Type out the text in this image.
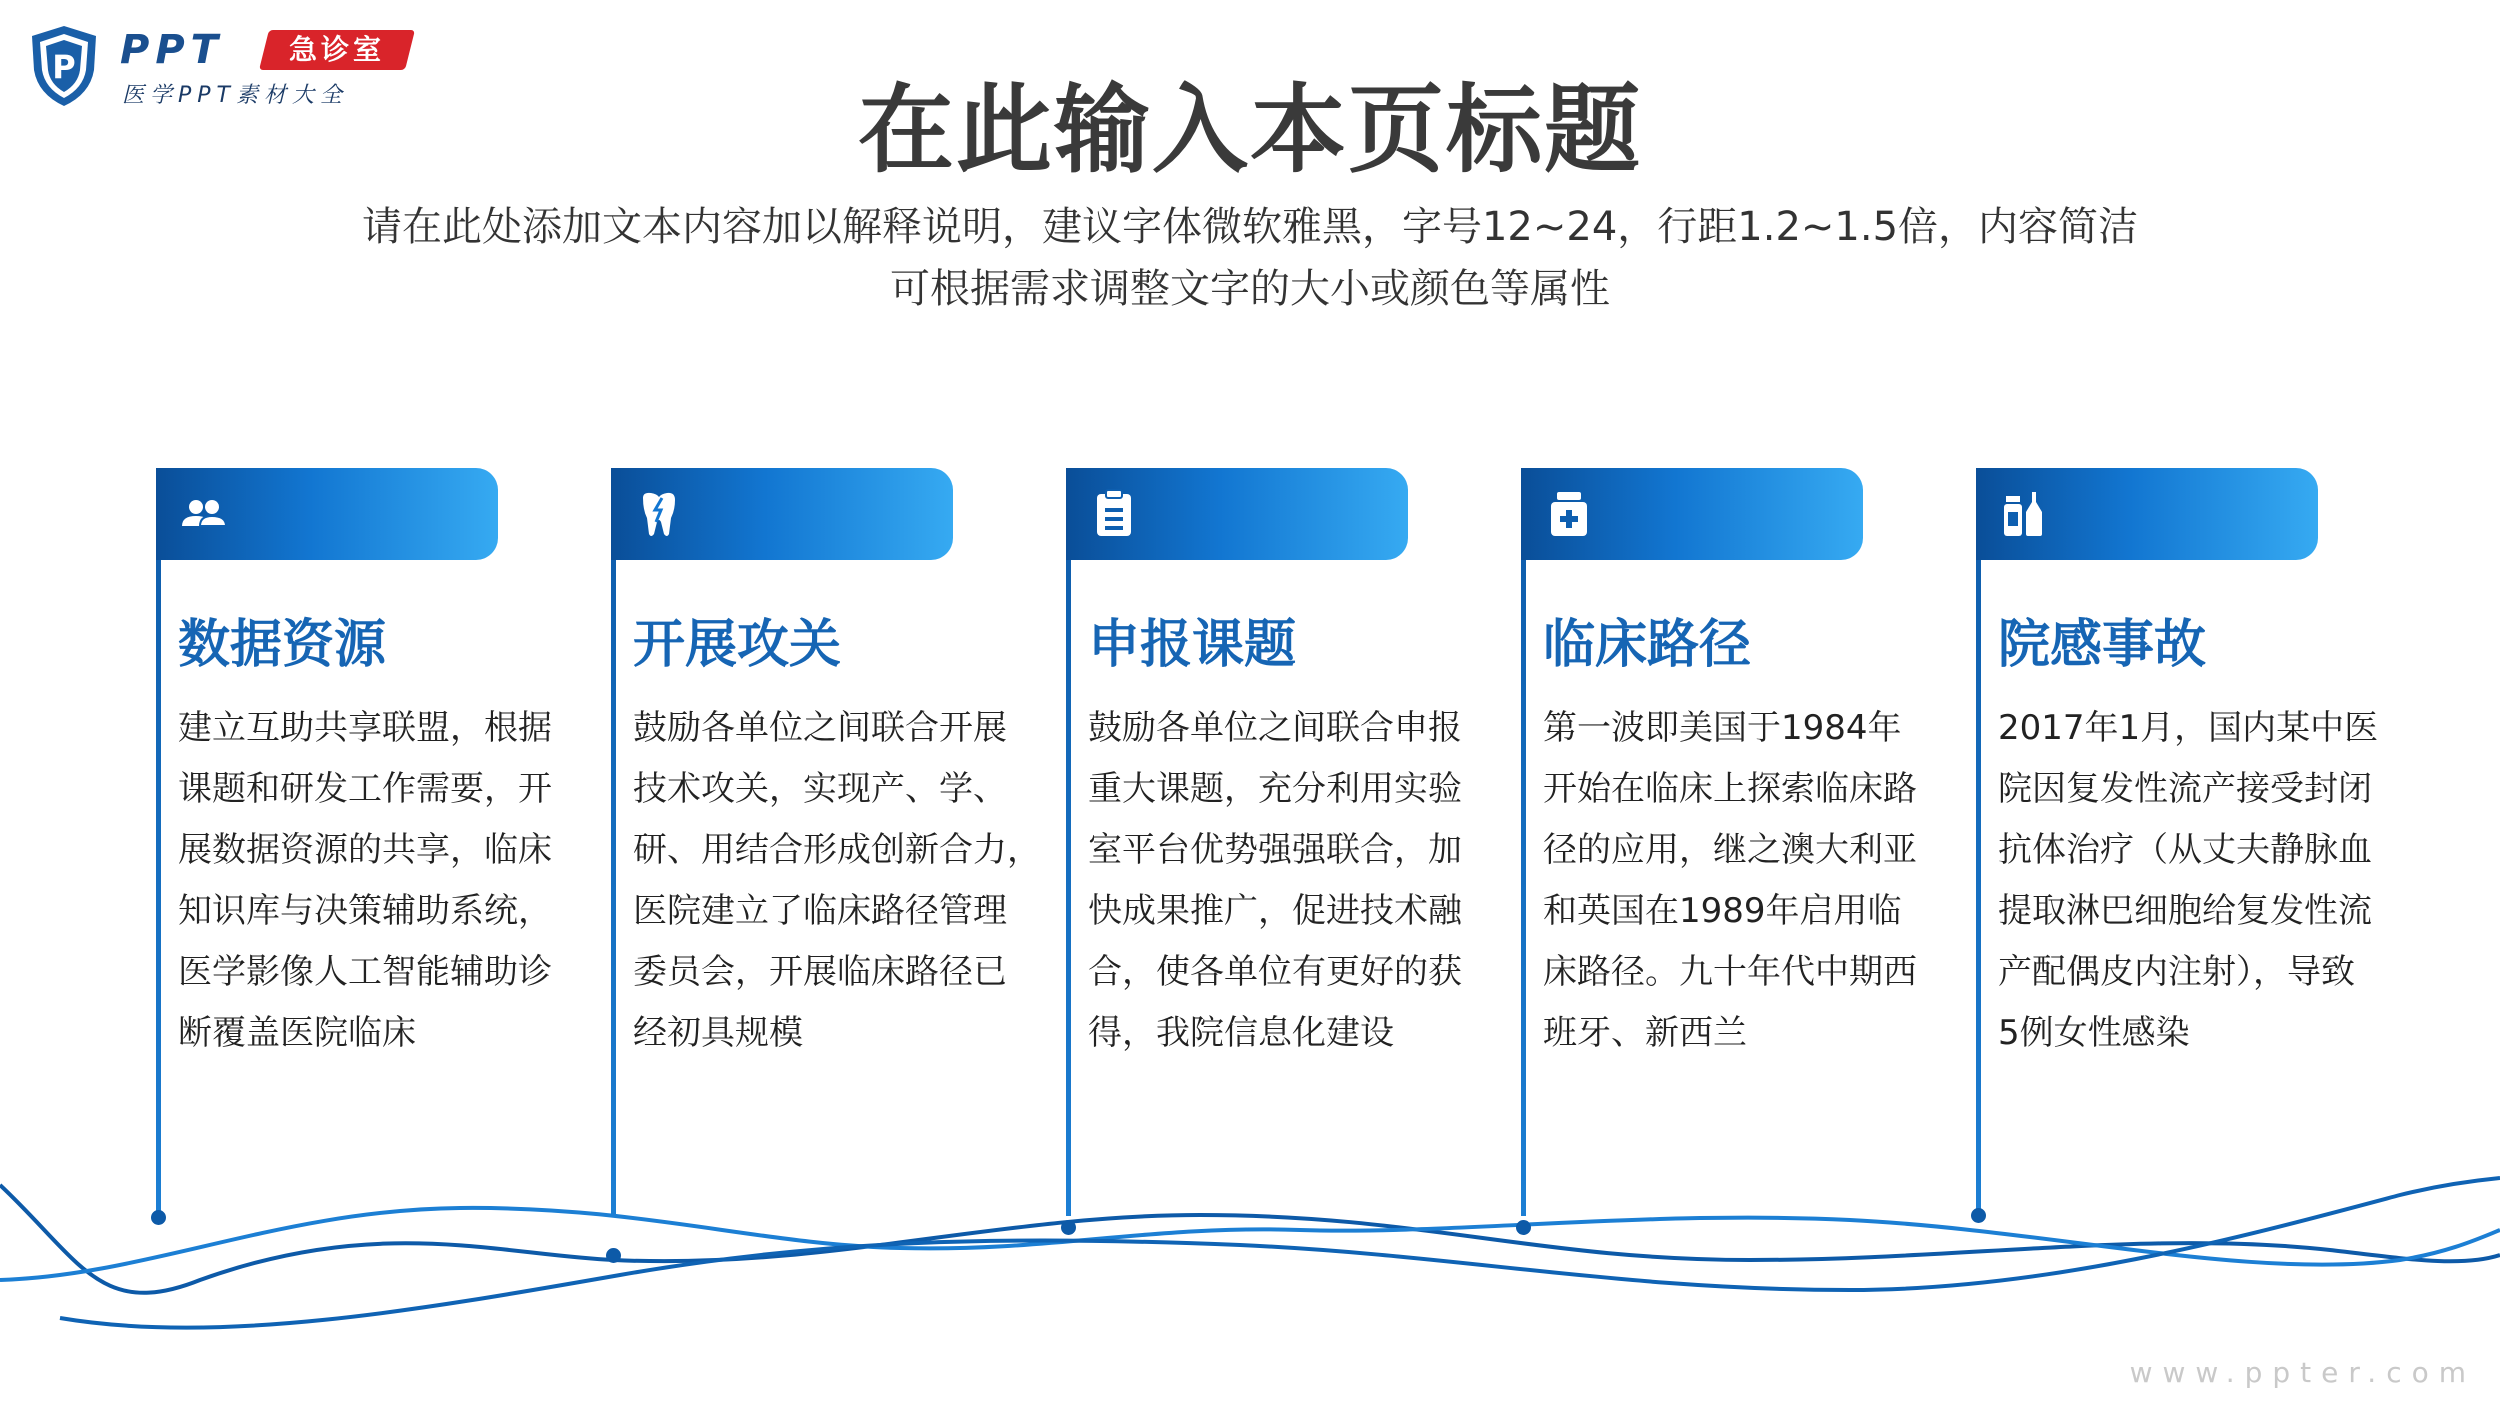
P PPT	急诊室
医学PPT素材大全	在此输入本页标题
请在此处添加文本内容加以解释说明，建议字体微软雅黑，字号12~24，行距1.2~1.5倍，内容简洁
可根据需求调整文字的大小或颜色等属性
数据资源
建立互助共享联盟，根据
课题和研发工作需要，开
展数据资源的共享，临床
知识库与决策辅助系统，
医学影像人工智能辅助诊
断覆盖医院临床
开展攻关
鼓励各单位之间联合开展
技术攻关，实现产、学、
研、用结合形成创新合力，
医院建立了临床路径管理
委员会，开展临床路径已
经初具规模
申报课题
鼓励各单位之间联合申报
重大课题，充分利用实验
室平台优势强强联合，加
快成果推广，促进技术融
合，使各单位有更好的获
得，我院信息化建设
临床路径
第一波即美国于1984年
开始在临床上探索临床路
径的应用，继之澳大利亚
和英国在1989年启用临
床路径。九十年代中期西
班牙、新西兰
院感事故
2017年1月，国内某中医
院因复发性流产接受封闭
抗体治疗（从丈夫静脉血
提取淋巴细胞给复发性流
产配偶皮内注射），导致
5例女性感染
www.ppter.com
